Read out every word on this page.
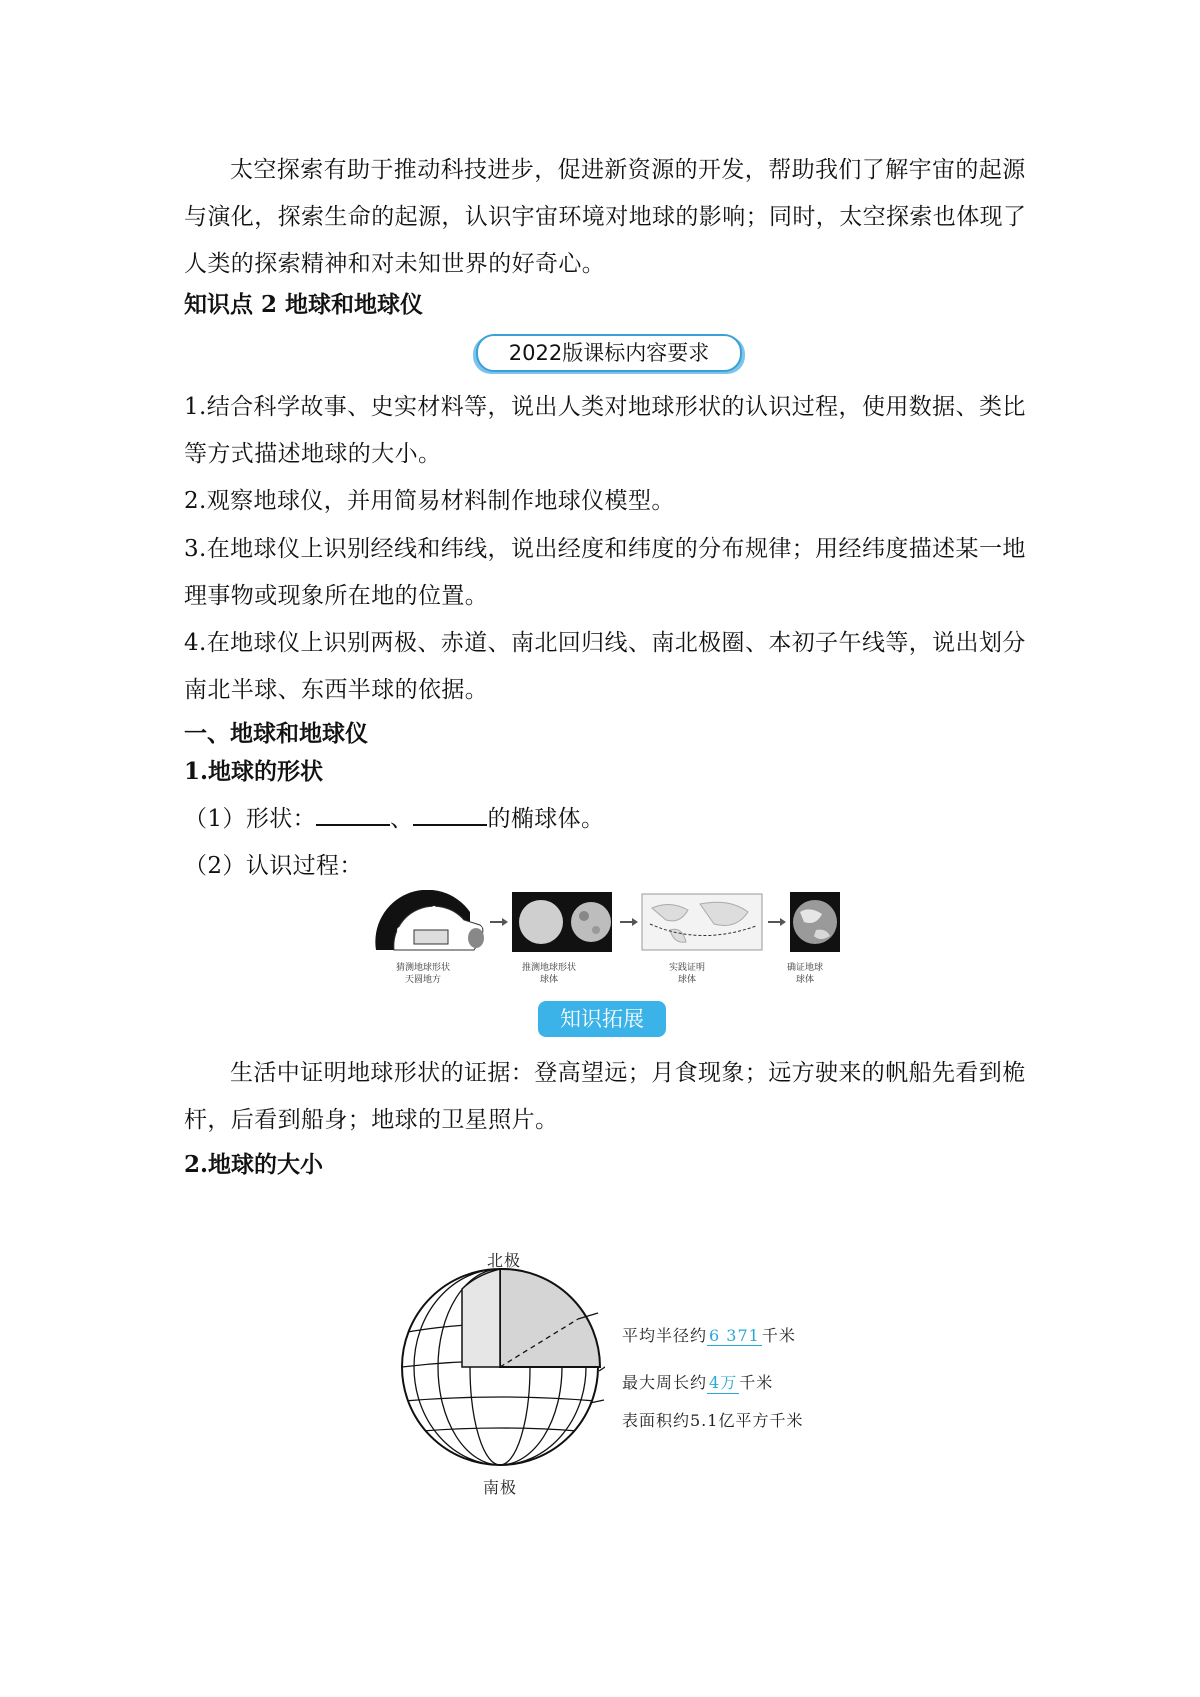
太空探索有助于推动科技进步，促进新资源的开发，帮助我们了解宇宙的起源与演化，探索生命的起源，认识宇宙环境对地球的影响；同时，太空探索也体现了人类的探索精神和对未知世界的好奇心。
知识点 2 地球和地球仪
2022版课标内容要求
1.结合科学故事、史实材料等，说出人类对地球形状的认识过程，使用数据、类比等方式描述地球的大小。
2.观察地球仪，并用简易材料制作地球仪模型。
3.在地球仪上识别经线和纬线，说出经度和纬度的分布规律；用经纬度描述某一地理事物或现象所在地的位置。
4.在地球仪上识别两极、赤道、南北回归线、南北极圈、本初子午线等，说出划分南北半球、东西半球的依据。
一、地球和地球仪
1.地球的形状
（1）形状：	、	的椭球体。
（2）认识过程：
猜测地球形状
天圆地方
推测地球形状
球体
实践证明
球体
确证地球
球体
知识拓展
生活中证明地球形状的证据：登高望远；月食现象；远方驶来的帆船先看到桅杆，后看到船身；地球的卫星照片。
2.地球的大小
北极
南极
平均半径约 6 371 千米
最大周长约 4万 千米
表面积约5.1亿平方千米
